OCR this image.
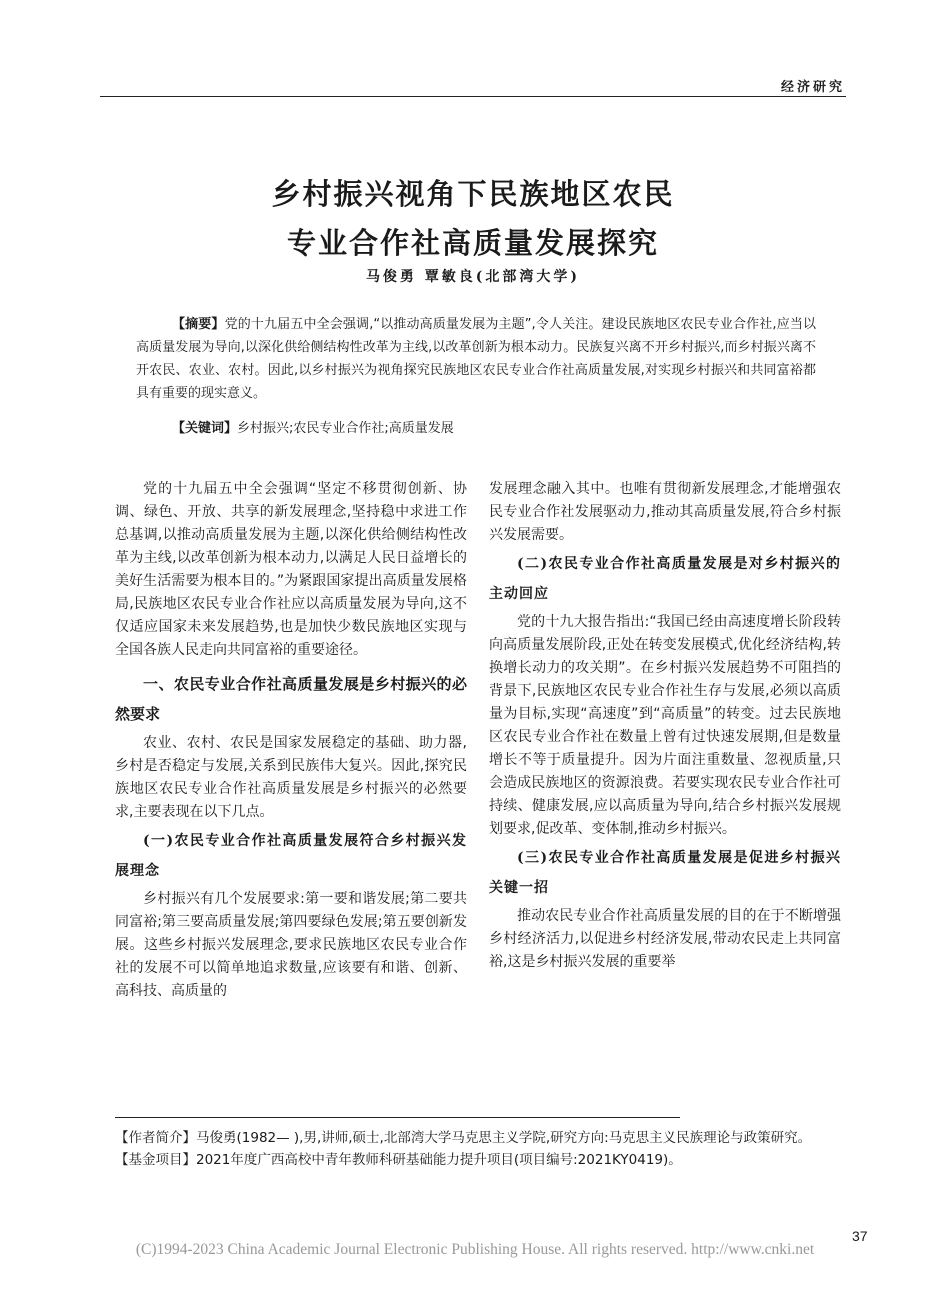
经济研究
乡村振兴视角下民族地区农民
专业合作社高质量发展探究
马俊勇 覃敏良(北部湾大学)

【摘要】党的十九届五中全会强调,“以推动高质量发展为主题”,令人关注。建设民族地区农民专业合作社,应当以高质量发展为导向,以深化供给侧结构性改革为主线,以改革创新为根本动力。民族复兴离不开乡村振兴,而乡村振兴离不开农民、农业、农村。因此,以乡村振兴为视角探究民族地区农民专业合作社高质量发展,对实现乡村振兴和共同富裕都具有重要的现实意义。

【关键词】乡村振兴;农民专业合作社;高质量发展

党的十九届五中全会强调“坚定不移贯彻创新、协调、绿色、开放、共享的新发展理念,坚持稳中求进工作总基调,以推动高质量发展为主题,以深化供给侧结构性改革为主线,以改革创新为根本动力,以满足人民日益增长的美好生活需要为根本目的。”为紧跟国家提出高质量发展格局,民族地区农民专业合作社应以高质量发展为导向,这不仅适应国家未来发展趋势,也是加快少数民族地区实现与全国各族人民走向共同富裕的重要途径。

一、农民专业合作社高质量发展是乡村振兴的必然要求

农业、农村、农民是国家发展稳定的基础、助力器,乡村是否稳定与发展,关系到民族伟大复兴。因此,探究民族地区农民专业合作社高质量发展是乡村振兴的必然要求,主要表现在以下几点。

(一)农民专业合作社高质量发展符合乡村振兴发展理念

乡村振兴有几个发展要求:第一要和谐发展;第二要共同富裕;第三要高质量发展;第四要绿色发展;第五要创新发展。这些乡村振兴发展理念,要求民族地区农民专业合作社的发展不可以简单地追求数量,应该要有和谐、创新、高科技、高质量的

发展理念融入其中。也唯有贯彻新发展理念,才能增强农民专业合作社发展驱动力,推动其高质量发展,符合乡村振兴发展需要。

(二)农民专业合作社高质量发展是对乡村振兴的主动回应

党的十九大报告指出:“我国已经由高速度增长阶段转向高质量发展阶段,正处在转变发展模式,优化经济结构,转换增长动力的攻关期”。在乡村振兴发展趋势不可阻挡的背景下,民族地区农民专业合作社生存与发展,必须以高质量为目标,实现“高速度”到“高质量”的转变。过去民族地区农民专业合作社在数量上曾有过快速发展期,但是数量增长不等于质量提升。因为片面注重数量、忽视质量,只会造成民族地区的资源浪费。若要实现农民专业合作社可持续、健康发展,应以高质量为导向,结合乡村振兴发展规划要求,促改革、变体制,推动乡村振兴。

(三)农民专业合作社高质量发展是促进乡村振兴关键一招

推动农民专业合作社高质量发展的目的在于不断增强乡村经济活力,以促进乡村经济发展,带动农民走上共同富裕,这是乡村振兴发展的重要举

【作者简介】马俊勇(1982— ),男,讲师,硕士,北部湾大学马克思主义学院,研究方向:马克思主义民族理论与政策研究。

【基金项目】2021年度广西高校中青年教师科研基础能力提升项目(项目编号:2021KY0419)。

37
(C)1994-2023 China Academic Journal Electronic Publishing House. All rights reserved. http://www.cnki.net
